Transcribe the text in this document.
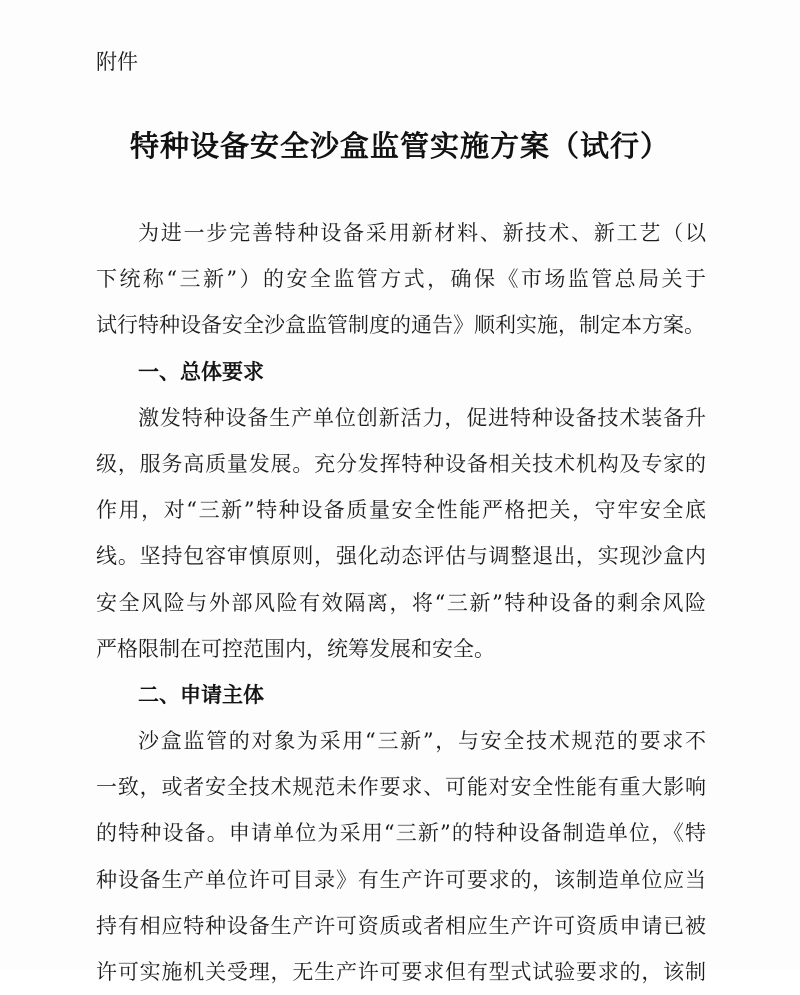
附件
特种设备安全沙盒监管实施方案（试行）
为进一步完善特种设备采用新材料、新技术、新工艺（以
下统称“三新”）的安全监管方式，确保《市场监管总局关于
试行特种设备安全沙盒监管制度的通告》顺利实施，制定本方案。
一、总体要求
激发特种设备生产单位创新活力，促进特种设备技术装备升
级，服务高质量发展。充分发挥特种设备相关技术机构及专家的
作用，对“三新”特种设备质量安全性能严格把关，守牢安全底
线。坚持包容审慎原则，强化动态评估与调整退出，实现沙盒内
安全风险与外部风险有效隔离，将“三新”特种设备的剩余风险
严格限制在可控范围内，统筹发展和安全。
二、申请主体
沙盒监管的对象为采用“三新”，与安全技术规范的要求不
一致，或者安全技术规范未作要求、可能对安全性能有重大影响
的特种设备。申请单位为采用“三新”的特种设备制造单位，《特
种设备生产单位许可目录》有生产许可要求的，该制造单位应当
持有相应特种设备生产许可资质或者相应生产许可资质申请已被
许可实施机关受理，无生产许可要求但有型式试验要求的，该制
